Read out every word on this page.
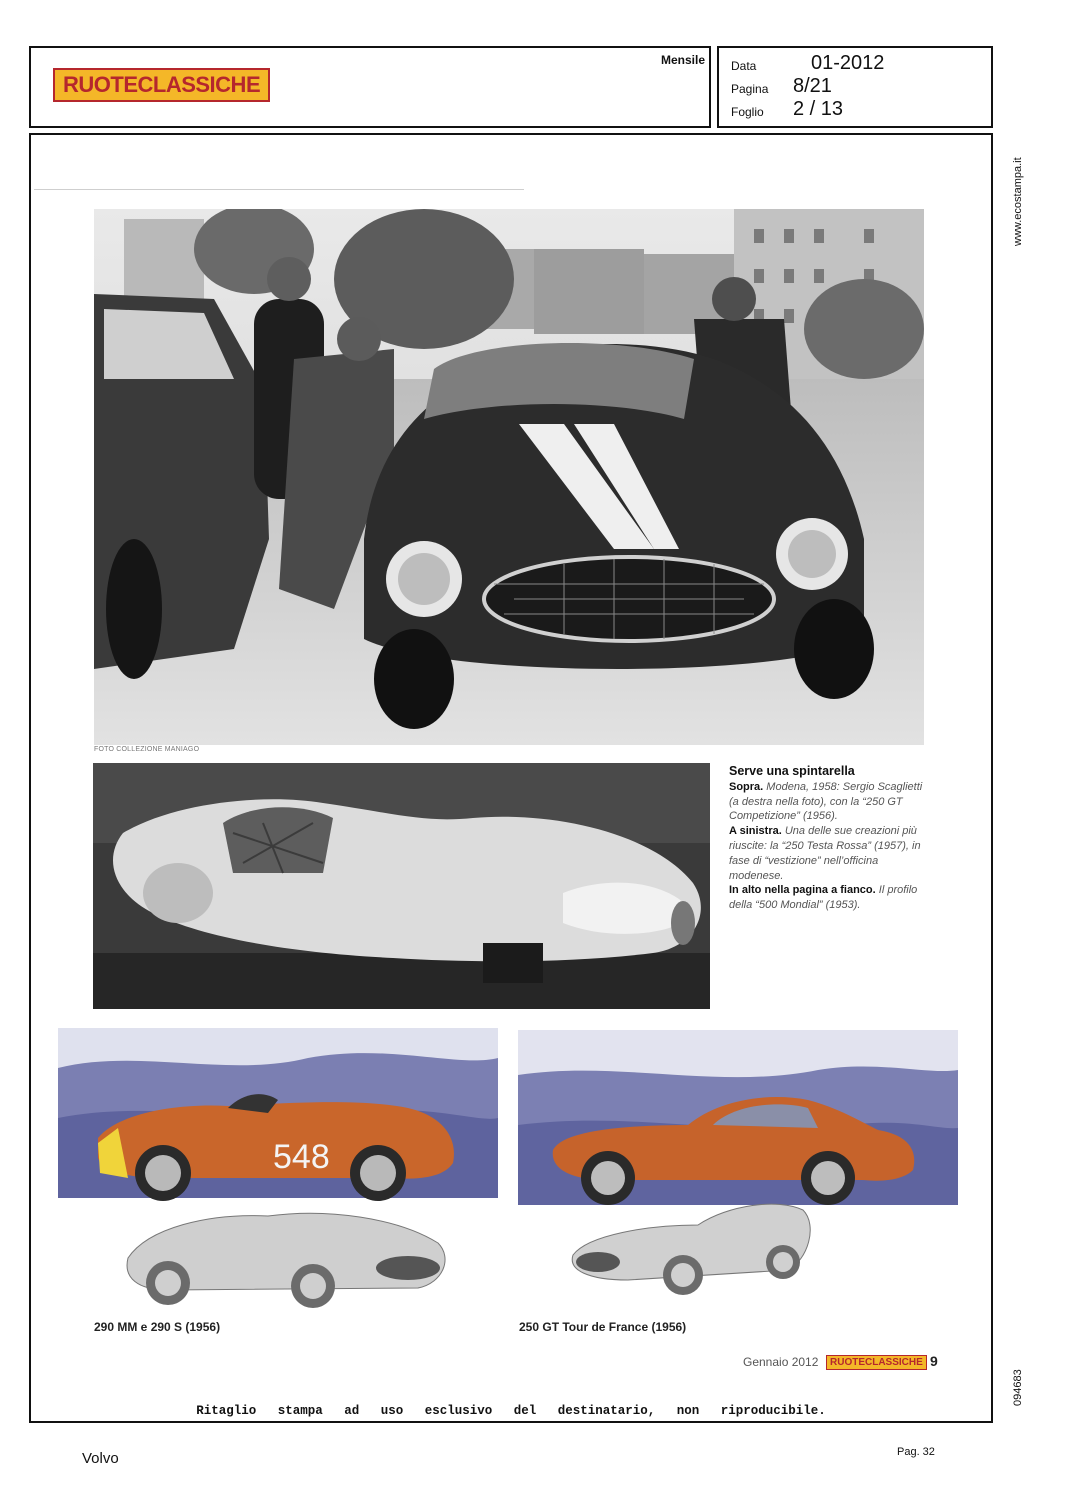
RUOTECLASSICHE
Mensile Data	01-2012
Pagina 8/21
Foglio 2 / 13
www.ecostampa.it
094683
FOTO COLLEZIONE MANIAGO
Serve una spintarella
Sopra. Modena, 1958: Sergio Scaglietti (a destra nella foto), con la “250 GT Competizione” (1956).
A sinistra. Una delle sue creazioni più riuscite: la “250 Testa Rossa” (1957), in fase di “vestizione” nell’officina modenese.
In alto nella pagina a fianco. Il profilo della “500 Mondial” (1953).
548
290 MM e 290 S (1956)	250 GT Tour de France (1956)
Gennaio 2012	RUOTECLASSICHE 9
Ritaglio stampa ad uso esclusivo del destinatario, non riproducibile.
Volvo	Pag. 32
